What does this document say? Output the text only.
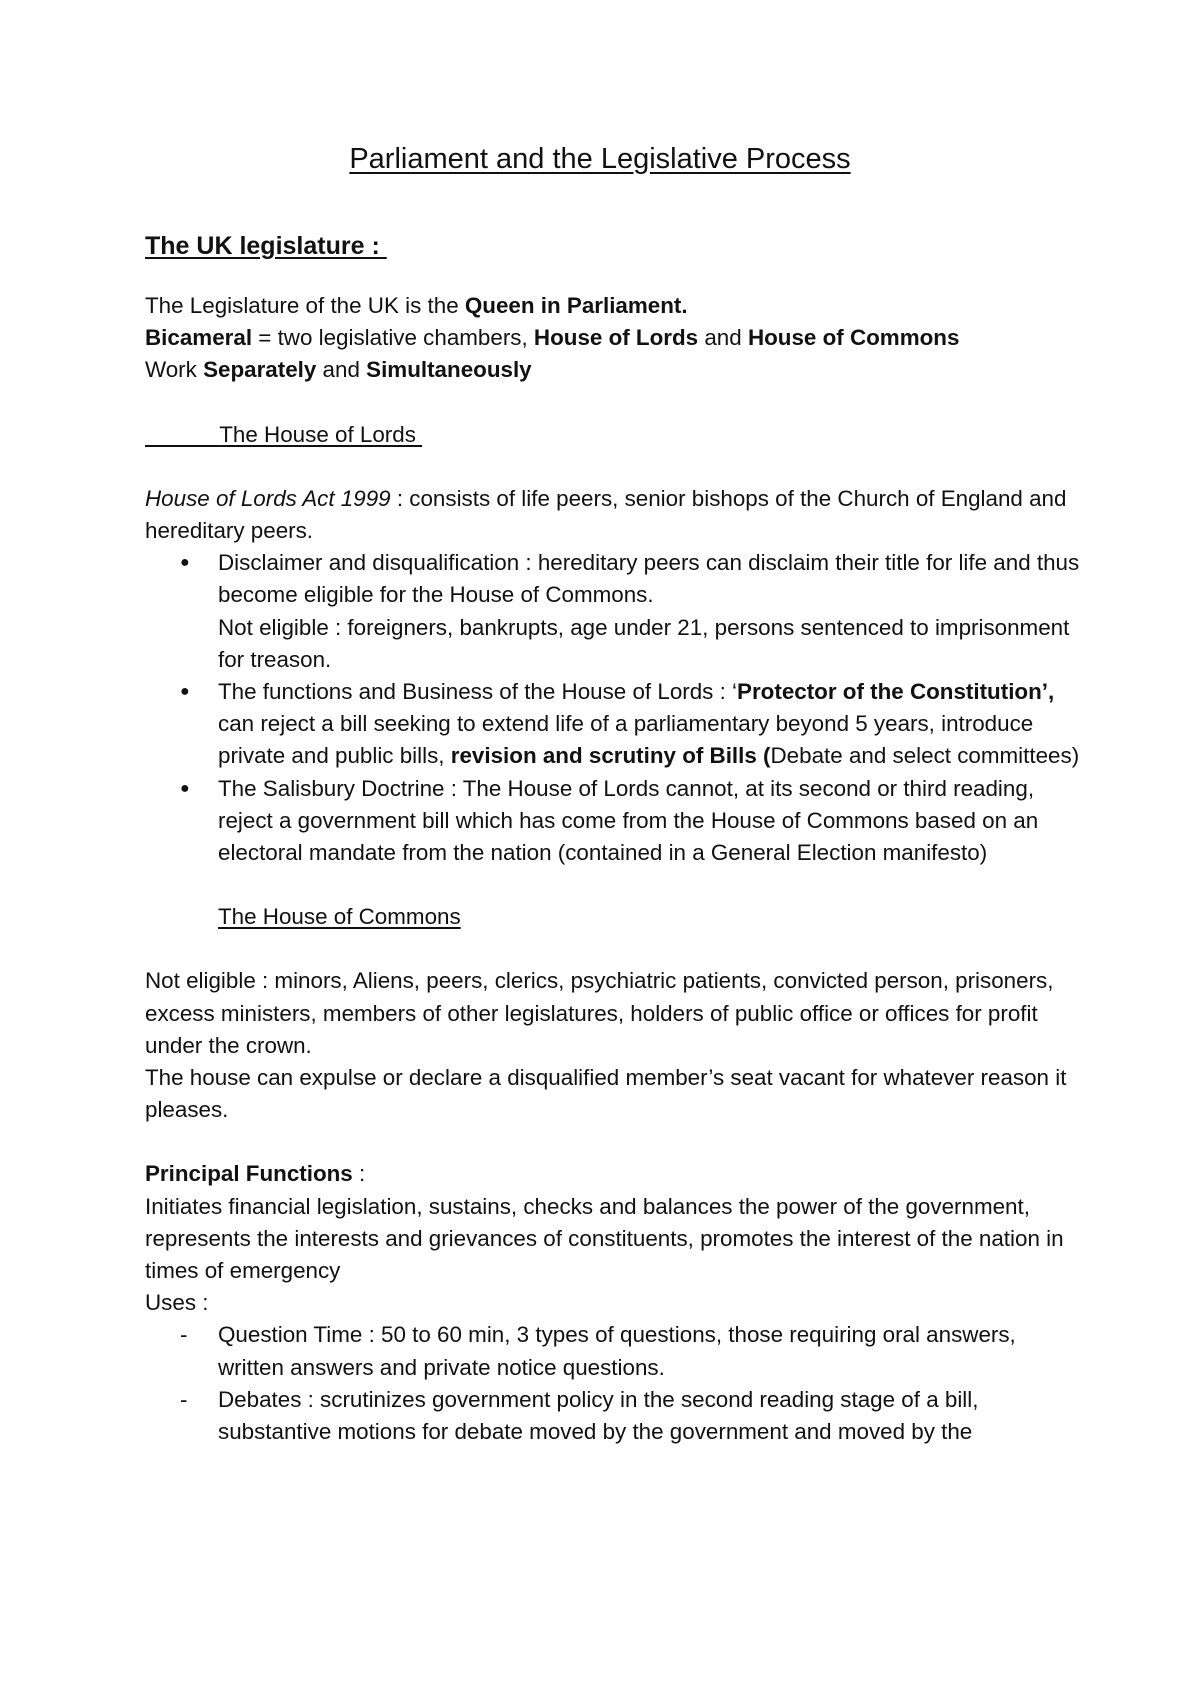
Parliament and the Legislative Process
The UK legislature :

The Legislature of the UK is the Queen in Parliament.

Bicameral = two legislative chambers, House of Lords and House of Commons

Work Separately and Simultaneously

The House of Lords

House of Lords Act 1999 : consists of life peers, senior bishops of the Church of England and hereditary peers.

● Disclaimer and disqualification : hereditary peers can disclaim their title for life and thus become eligible for the House of Commons.
Not eligible : foreigners, bankrupts, age under 21, persons sentenced to imprisonment for treason.
● The functions and Business of the House of Lords : ‘Protector of the Constitution’, can reject a bill seeking to extend life of a parliamentary beyond 5 years, introduce private and public bills, revision and scrutiny of Bills (Debate and select committees)
● The Salisbury Doctrine : The House of Lords cannot, at its second or third reading, reject a government bill which has come from the House of Commons based on an electoral mandate from the nation (contained in a General Election manifesto)

The House of Commons

Not eligible : minors, Aliens, peers, clerics, psychiatric patients, convicted person, prisoners, excess ministers, members of other legislatures, holders of public office or offices for profit under the crown.

The house can expulse or declare a disqualified member’s seat vacant for whatever reason it pleases.

Principal Functions :

Initiates financial legislation, sustains, checks and balances the power of the government, represents the interests and grievances of constituents, promotes the interest of the nation in times of emergency

Uses :

- Question Time : 50 to 60 min, 3 types of questions, those requiring oral answers, written answers and private notice questions.
- Debates : scrutinizes government policy in the second reading stage of a bill, substantive motions for debate moved by the government and moved by the
